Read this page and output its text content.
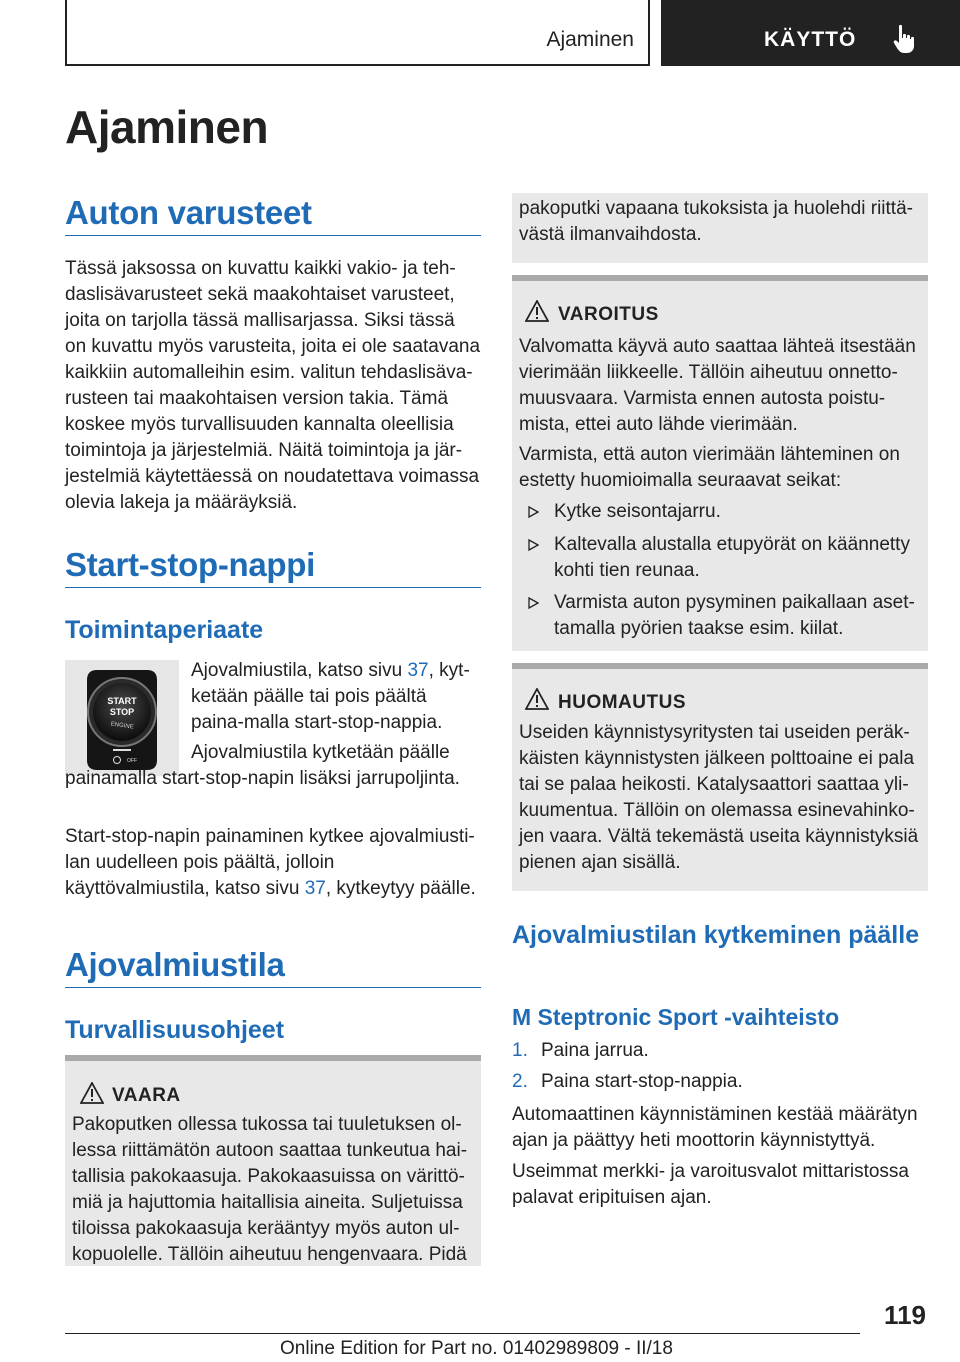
Ajaminen	KÄYTTÖ
Ajaminen
Auton varusteet

Tässä jaksossa on kuvattu kaikki vakio- ja teh-daslisävarusteet sekä maakohtaiset varusteet, joita on tarjolla tässä mallisarjassa. Siksi tässä on kuvattu myös varusteita, joita ei ole saatavana kaikkiin automalleihin esim. valitun tehdaslisäva-rusteen tai maakohtaisen version takia. Tämä koskee myös turvallisuuden kannalta oleellisia toimintoja ja järjestelmiä. Näitä toimintoja ja jär-jestelmiä käytettäessä on noudatettava voimassa olevia lakeja ja määräyksiä.

Start-stop-nappi
Toimintaperiaate
START
STOP
ENGINE
OFF

Ajovalmiustila, katso sivu 37, kyt-ketään päälle tai pois päältä paina-malla start-stop-nappia.

Ajovalmiustila kytketään päälle painamalla start-stop-napin lisäksi jarrupoljinta.

Start-stop-napin painaminen kytkee ajovalmiusti-lan uudelleen pois päältä, jolloin käyttövalmiustila, katso sivu 37, kytkeytyy päälle.

Ajovalmiustila
Turvallisuusohjeet
VAARA

Pakoputken ollessa tukossa tai tuuletuksen ol-lessa riittämätön autoon saattaa tunkeutua hai-tallisia pakokaasuja. Pakokaasuissa on värittö-miä ja hajuttomia haitallisia aineita. Suljetuissa tiloissa pakokaasuja kerääntyy myös auton ul-kopuolelle. Tällöin aiheutuu hengenvaara. Pidä

pakoputki vapaana tukoksista ja huolehdi riittä-västä ilmanvaihdosta.

VAROITUS

Valvomatta käyvä auto saattaa lähteä itsestään vierimään liikkeelle. Tällöin aiheutuu onnetto-muusvaara. Varmista ennen autosta poistu-mista, ettei auto lähde vierimään.

Varmista, että auton vierimään lähteminen on estetty huomioimalla seuraavat seikat:

Kytke seisontajarru.
Kaltevalla alustalla etupyörät on käännetty kohti tien reunaa.
Varmista auton pysyminen paikallaan aset-tamalla pyörien taakse esim. kiilat.
HUOMAUTUS

Useiden käynnistysyritysten tai useiden peräk-käisten käynnistysten jälkeen polttoaine ei pala tai se palaa heikosti. Katalysaattori saattaa yli-kuumentua. Tällöin on olemassa esinevahinko-jen vaara. Vältä tekemästä useita käynnistyksiä pienen ajan sisällä.

Ajovalmiustilan kytkeminen päälle
M Steptronic Sport -vaihteisto
1. Paina jarrua.
2. Paina start-stop-nappia.

Automaattinen käynnistäminen kestää määrätyn ajan ja päättyy heti moottorin käynnistyttyä.

Useimmat merkki- ja varoitusvalot mittaristossa palavat eripituisen ajan.

119
Online Edition for Part no. 01402989809 - II/18
